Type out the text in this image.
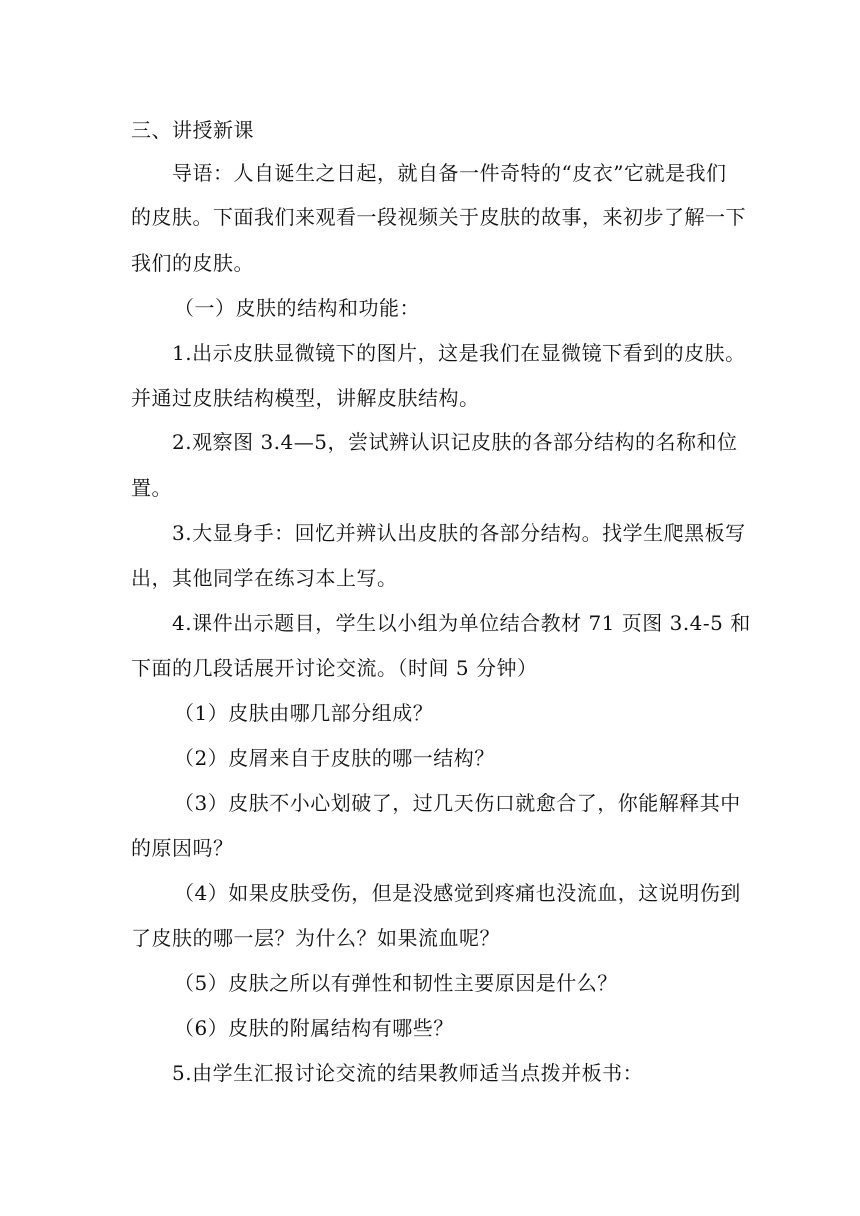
三、讲授新课
导语：人自诞生之日起，就自备一件奇特的“皮衣”它就是我们
的皮肤。下面我们来观看一段视频关于皮肤的故事，来初步了解一下
我们的皮肤。
（一）皮肤的结构和功能：
1.出示皮肤显微镜下的图片，这是我们在显微镜下看到的皮肤。
并通过皮肤结构模型，讲解皮肤结构。
2.观察图 3.4—5，尝试辨认识记皮肤的各部分结构的名称和位
置。
3.大显身手：回忆并辨认出皮肤的各部分结构。找学生爬黑板写
出，其他同学在练习本上写。
4.课件出示题目，学生以小组为单位结合教材 71 页图 3.4-5 和
下面的几段话展开讨论交流。（时间 5 分钟）
（1）皮肤由哪几部分组成？
（2）皮屑来自于皮肤的哪一结构？
（3）皮肤不小心划破了，过几天伤口就愈合了，你能解释其中
的原因吗？
（4）如果皮肤受伤，但是没感觉到疼痛也没流血，这说明伤到
了皮肤的哪一层？为什么？如果流血呢？
（5）皮肤之所以有弹性和韧性主要原因是什么？
（6）皮肤的附属结构有哪些？
5.由学生汇报讨论交流的结果教师适当点拨并板书：
